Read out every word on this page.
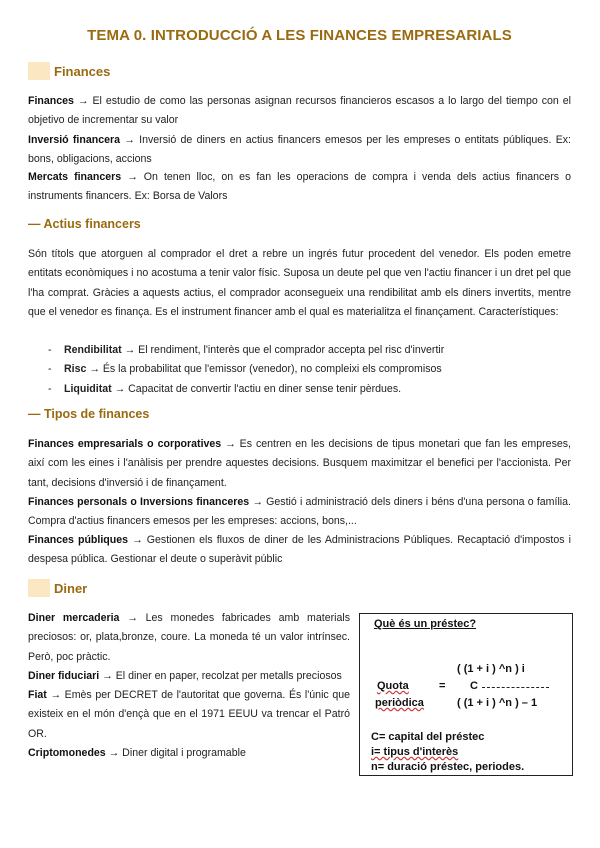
TEMA 0. INTRODUCCIÓ A LES FINANCES EMPRESARIALS
Finances

Finances → El estudio de como las personas asignan recursos financieros escasos a lo largo del tiempo con el objetivo de incrementar su valor

Inversió financera → Inversió de diners en actius financers emesos per les empreses o entitats públiques. Ex: bons, obligacions, accions

Mercats financers → On tenen lloc, on es fan les operacions de compra i venda dels actius financers o instruments financers. Ex: Borsa de Valors

— Actius financers

Són títols que atorguen al comprador el dret a rebre un ingrés futur procedent del venedor. Els poden emetre entitats econòmiques i no acostuma a tenir valor físic. Suposa un deute pel que ven l'actiu financer i un dret pel que l'ha comprat. Gràcies a aquests actius, el comprador aconsegueix una rendibilitat amb els diners invertits, mentre que el venedor es finança. Es el instrument financer amb el qual es materialitza el finançament. Característiques:

- Rendibilitat → El rendiment, l'interès que el comprador accepta pel risc d'invertir
- Risc → És la probabilitat que l'emissor (venedor), no compleixi els compromisos
- Liquiditat → Capacitat de convertir l'actiu en diner sense tenir pèrdues.
— Tipos de finances

Finances empresarials o corporatives → Es centren en les decisions de tipus monetari que fan les empreses, així com les eines i l'anàlisis per prendre aquestes decisions. Busquem maximitzar el benefici per l'accionista. Per tant, decisions d'inversió i de finançament.

Finances personals o Inversions financeres → Gestió i administració dels diners i béns d'una persona o família. Compra d'actius financers emesos per les empreses: accions, bons,...

Finances públiques → Gestionen els fluxos de diner de les Administracions Públiques. Recaptació d'impostos i despesa pública. Gestionar el deute o superàvit públic

Diner

Diner mercaderia → Les monedes fabricades amb materials preciosos: or, plata,bronze, coure. La moneda té un valor intrínsec. Però, poc pràctic.

Diner fiduciari → El diner en paper, recolzat per metalls preciosos

Fiat → Emès per DECRET de l'autoritat que governa. És l'únic que existeix en el món d'ençà que en el 1971 EEUU va trencar el Patró OR.

Criptomonedes → Diner digital i programable

Què és un préstec?
( (1 + i ) ^n ) i
Quota
periòdica
= C
( (1 + i ) ^n ) – 1
C= capital del préstec
i= tipus d'interès
n= duració préstec, periodes.
